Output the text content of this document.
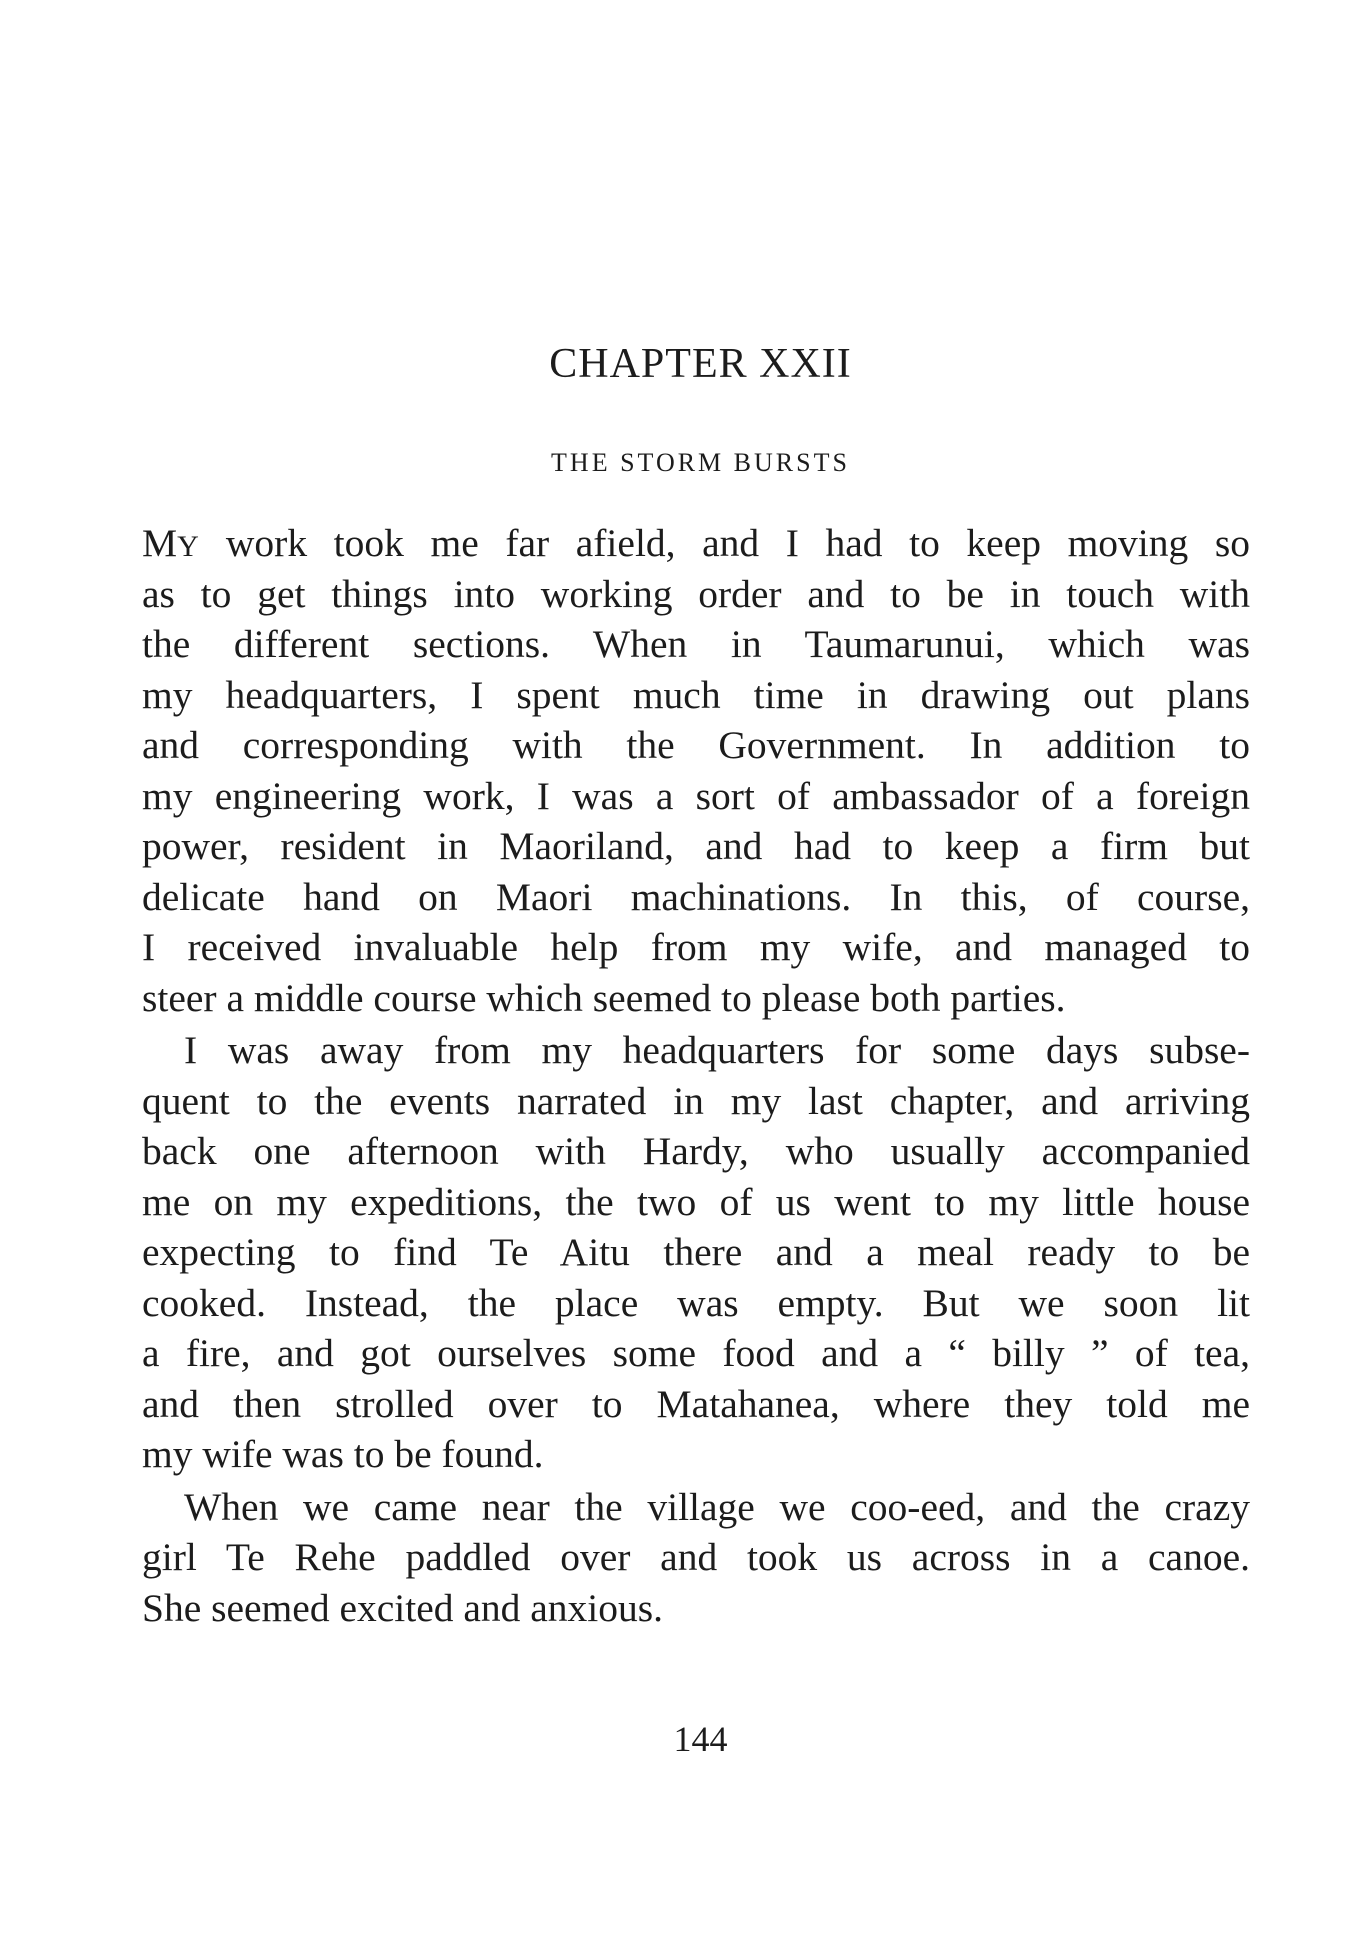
CHAPTER XXII
THE STORM BURSTS
MY work took me far afield, and I had to keep moving so
as to get things into working order and to be in touch with
the different sections. When in Taumarunui, which was
my headquarters, I spent much time in drawing out plans
and corresponding with the Government. In addition to
my engineering work, I was a sort of ambassador of a foreign
power, resident in Maoriland, and had to keep a firm but
delicate hand on Maori machinations. In this, of course,
I received invaluable help from my wife, and managed to
steer a middle course which seemed to please both parties.
I was away from my headquarters for some days subse-
quent to the events narrated in my last chapter, and arriving
back one afternoon with Hardy, who usually accompanied
me on my expeditions, the two of us went to my little house
expecting to find Te Aitu there and a meal ready to be
cooked. Instead, the place was empty. But we soon lit
a fire, and got ourselves some food and a “ billy ” of tea,
and then strolled over to Matahanea, where they told me
my wife was to be found.
When we came near the village we coo-eed, and the crazy
girl Te Rehe paddled over and took us across in a canoe.
She seemed excited and anxious.
144
